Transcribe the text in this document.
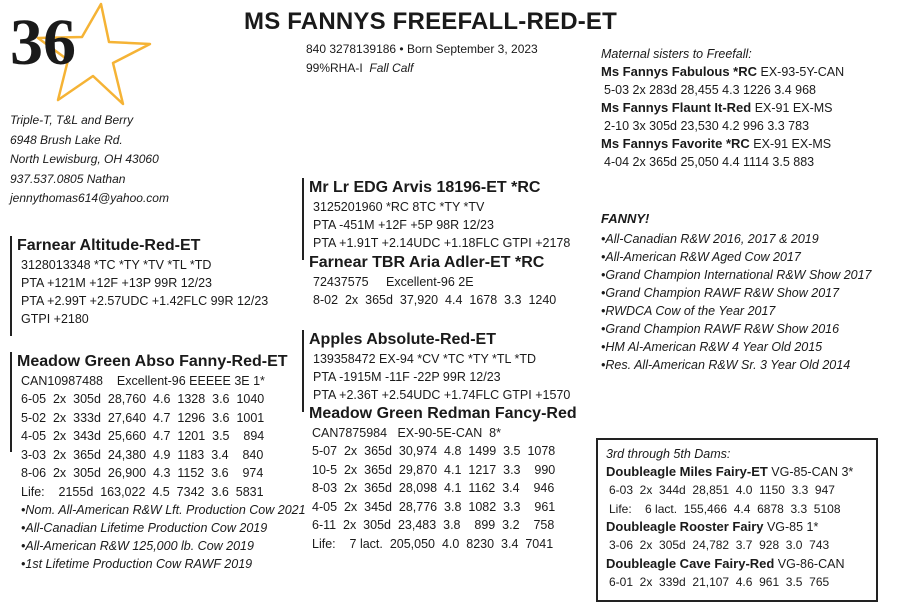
36	MS FANNYS FREEFALL-RED-ET
840 3278139186 • Born September 3, 2023
99%RHA-I Fall Calf
Triple-T, T&L and Berry
6948 Brush Lake Rd.
North Lewisburg, OH 43060
937.537.0805 Nathan
jennythomas614@yahoo.com
Maternal sisters to Freefall:
Ms Fannys Fabulous *RC EX-93-5Y-CAN
5-03 2x 283d 28,455 4.3 1226 3.4 968
Ms Fannys Flaunt It-Red EX-91 EX-MS
2-10 3x 305d 23,530 4.2 996 3.3 783
Ms Fannys Favorite *RC EX-91 EX-MS
4-04 2x 365d 25,050 4.4 1114 3.5 883
FANNY!
•All-Canadian R&W 2016, 2017 & 2019
•All-American R&W Aged Cow 2017
•Grand Champion International R&W Show 2017
•Grand Champion RAWF R&W Show 2017
•RWDCA Cow of the Year 2017
•Grand Champion RAWF R&W Show 2016
•HM Al-American R&W 4 Year Old 2015
•Res. All-American R&W Sr. 3 Year Old 2014
Farnear Altitude-Red-ET
3128013348 *TC *TY *TV *TL *TD
PTA +121M +12F +13P 99R 12/23
PTA +2.99T +2.57UDC +1.42FLC 99R 12/23
GTPI +2180
Mr Lr EDG Arvis 18196-ET *RC
3125201960 *RC 8TC *TY *TV
PTA -451M +12F +5P 98R 12/23
PTA +1.91T +2.14UDC +1.18FLC GTPI +2178
Farnear TBR Aria Adler-ET *RC
72437575     Excellent-96 2E
8-02  2x  365d  37,920  4.4  1678  3.3  1240
Meadow Green Abso Fanny-Red-ET
CAN10987488    Excellent-96 EEEEE 3E 1*
6-05  2x  305d  28,760  4.6  1328  3.6  1040
5-02  2x  333d  27,640  4.7  1296  3.6  1001
4-05  2x  343d  25,660  4.7  1201  3.5    894
3-03  2x  365d  24,380  4.9  1183  3.4    840
8-06  2x  305d  26,900  4.3  1152  3.6    974
Life:    2155d  163,022  4.5  7342  3.6  5831
•Nom. All-American R&W Lft. Production Cow 2021
•All-Canadian Lifetime Production Cow 2019
•All-American R&W 125,000 lb. Cow 2019
•1st Lifetime Production Cow RAWF 2019
Apples Absolute-Red-ET
139358472 EX-94 *CV *TC *TY *TL *TD
PTA -1915M -11F -22P 99R 12/23
PTA +2.36T +2.54UDC +1.74FLC GTPI +1570
Meadow Green Redman Fancy-Red
CAN7875984   EX-90-5E-CAN  8*
5-07  2x  365d  30,974  4.8  1499  3.5  1078
10-5  2x  365d  29,870  4.1  1217  3.3    990
8-03  2x  365d  28,098  4.1  1162  3.4    946
4-05  2x  345d  28,776  3.8  1082  3.3    961
6-11  2x  305d  23,483  3.8    899  3.2    758
Life:    7 lact.  205,050  4.0  8230  3.4  7041
3rd through 5th Dams:
Doubleagle Miles Fairy-ET VG-85-CAN 3*
6-03  2x  344d  28,851  4.0  1150  3.3  947
Life:    6 lact.  155,466  4.4  6878  3.3  5108
Doubleagle Rooster Fairy VG-85 1*
3-06  2x  305d  24,782  3.7  928  3.0  743
Doubleagle Cave Fairy-Red VG-86-CAN
6-01  2x  339d  21,107  4.6  961  3.5  765
